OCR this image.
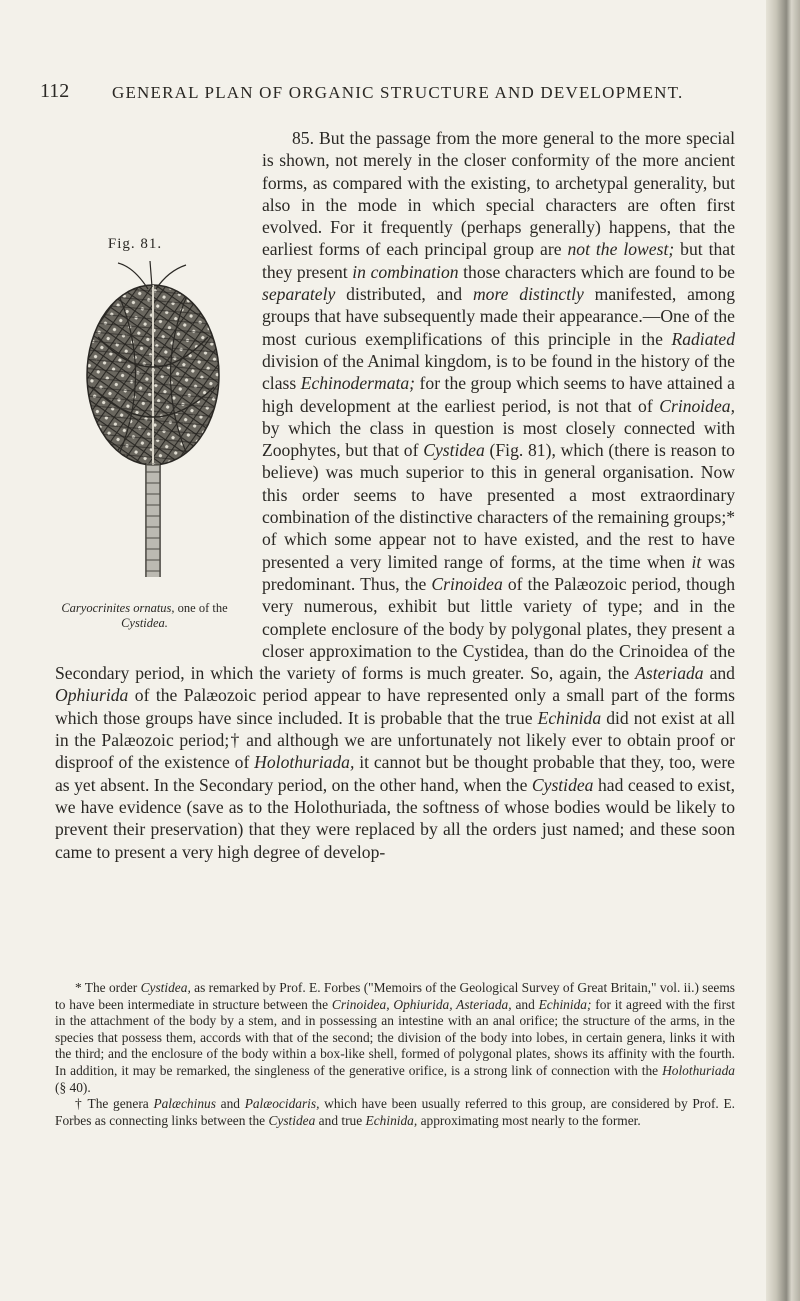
112	GENERAL PLAN OF ORGANIC STRUCTURE AND DEVELOPMENT.
Fig. 81.
Caryocrinites ornatus, one of the Cystidea.

85. But the passage from the more general to the more special is shown, not merely in the closer conformity of the more ancient forms, as compared with the existing, to archetypal generality, but also in the mode in which special characters are often first evolved. For it frequently (perhaps generally) happens, that the earliest forms of each principal group are not the lowest; but that they present in combination those characters which are found to be separately distributed, and more distinctly manifested, among groups that have subsequently made their appearance.—One of the most curious exemplifications of this principle in the Radiated division of the Animal kingdom, is to be found in the history of the class Echinodermata; for the group which seems to have attained a high development at the earliest period, is not that of Crinoidea, by which the class in question is most closely connected with Zoophytes, but that of Cystidea (Fig. 81), which (there is reason to believe) was much superior to this in general organisation. Now this order seems to have presented a most extraordinary combination of the distinctive characters of the remaining groups;* of which some appear not to have existed, and the rest to have presented a very limited range of forms, at the time when it was predominant. Thus, the Crinoidea of the Palæozoic period, though very numerous, exhibit but little variety of type; and in the complete enclosure of the body by polygonal plates, they present a closer approximation to the Cystidea, than do the Crinoidea of the Secondary period, in which the variety of forms is much greater. So, again, the Asteriada and Ophiurida of the Palæozoic period appear to have represented only a small part of the forms which those groups have since included. It is probable that the true Echinida did not exist at all in the Palæozoic period;† and although we are unfortunately not likely ever to obtain proof or disproof of the existence of Holothuriada, it cannot but be thought probable that they, too, were as yet absent. In the Secondary period, on the other hand, when the Cystidea had ceased to exist, we have evidence (save as to the Holothuriada, the softness of whose bodies would be likely to prevent their preservation) that they were replaced by all the orders just named; and these soon came to present a very high degree of develop-

* The order Cystidea, as remarked by Prof. E. Forbes ("Memoirs of the Geological Survey of Great Britain," vol. ii.) seems to have been intermediate in structure between the Crinoidea, Ophiurida, Asteriada, and Echinida; for it agreed with the first in the attachment of the body by a stem, and in possessing an intestine with an anal orifice; the structure of the arms, in the species that possess them, accords with that of the second; the division of the body into lobes, in certain genera, links it with the third; and the enclosure of the body within a box-like shell, formed of polygonal plates, shows its affinity with the fourth. In addition, it may be remarked, the singleness of the generative orifice, is a strong link of connection with the Holothuriada (§ 40).

† The genera Palæchinus and Palæocidaris, which have been usually referred to this group, are considered by Prof. E. Forbes as connecting links between the Cystidea and true Echinida, approximating most nearly to the former.
